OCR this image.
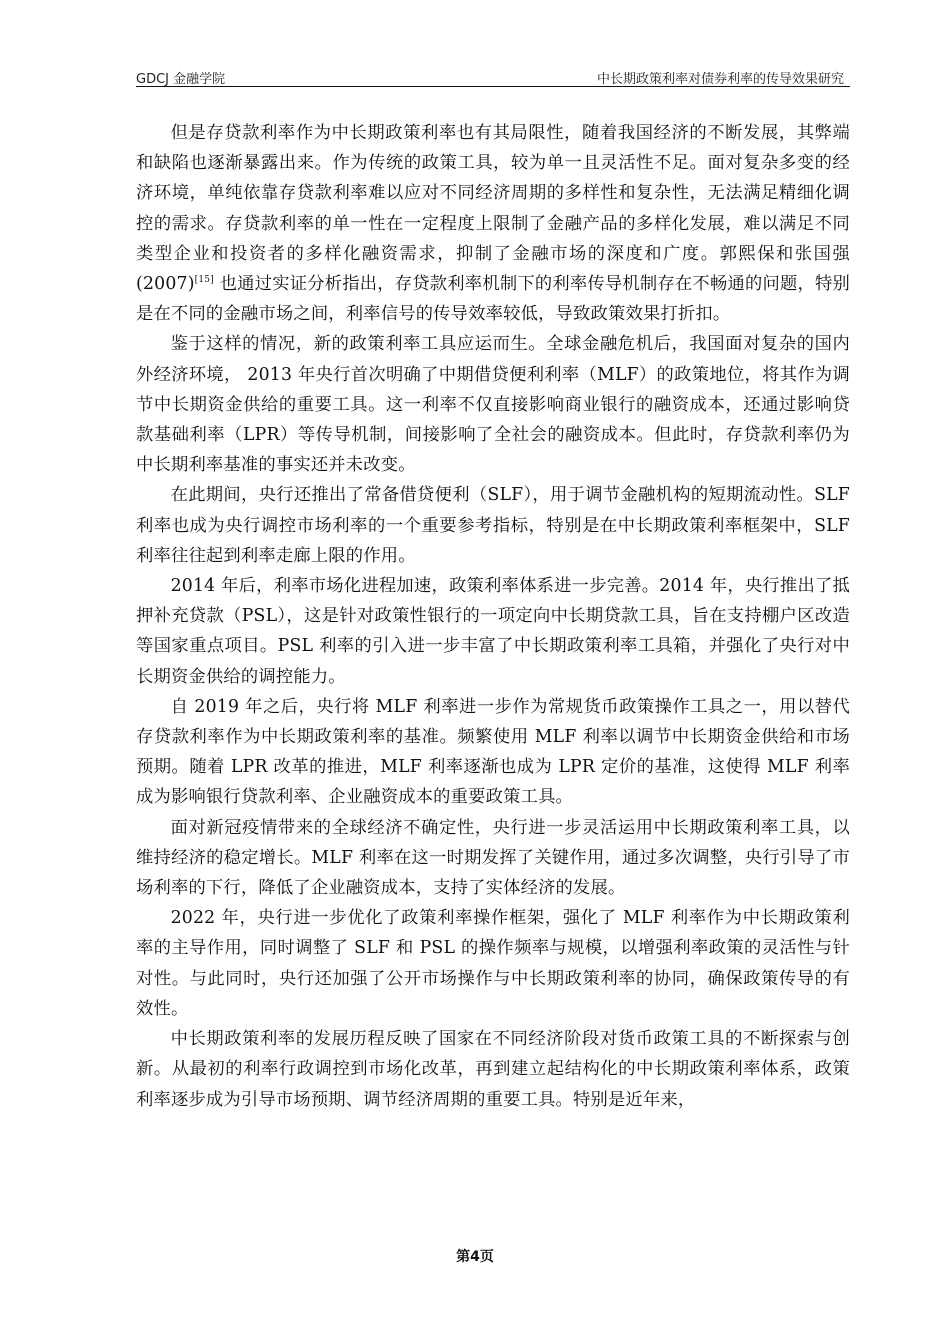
GDCJ 金融学院	中长期政策利率对债券利率的传导效果研究

但是存贷款利率作为中长期政策利率也有其局限性，随着我国经济的不断发展，其弊端和缺陷也逐渐暴露出来。作为传统的政策工具，较为单一且灵活性不足。面对复杂多变的经济环境，单纯依靠存贷款利率难以应对不同经济周期的多样性和复杂性，无法满足精细化调控的需求。存贷款利率的单一性在一定程度上限制了金融产品的多样化发展，难以满足不同类型企业和投资者的多样化融资需求，抑制了金融市场的深度和广度。郭熙保和张国强 (2007)[15] 也通过实证分析指出，存贷款利率机制下的利率传导机制存在不畅通的问题，特别是在不同的金融市场之间，利率信号的传导效率较低，导致政策效果打折扣。

鉴于这样的情况，新的政策利率工具应运而生。全球金融危机后，我国面对复杂的国内外经济环境， 2013 年央行首次明确了中期借贷便利利率（MLF）的政策地位，将其作为调节中长期资金供给的重要工具。这一利率不仅直接影响商业银行的融资成本，还通过影响贷款基础利率（LPR）等传导机制，间接影响了全社会的融资成本。但此时，存贷款利率仍为中长期利率基准的事实还并未改变。

在此期间，央行还推出了常备借贷便利（SLF），用于调节金融机构的短期流动性。SLF 利率也成为央行调控市场利率的一个重要参考指标，特别是在中长期政策利率框架中，SLF 利率往往起到利率走廊上限的作用。

2014 年后，利率市场化进程加速，政策利率体系进一步完善。2014 年，央行推出了抵押补充贷款（PSL），这是针对政策性银行的一项定向中长期贷款工具，旨在支持棚户区改造等国家重点项目。PSL 利率的引入进一步丰富了中长期政策利率工具箱，并强化了央行对中长期资金供给的调控能力。

自 2019 年之后，央行将 MLF 利率进一步作为常规货币政策操作工具之一，用以替代存贷款利率作为中长期政策利率的基准。频繁使用 MLF 利率以调节中长期资金供给和市场预期。随着 LPR 改革的推进，MLF 利率逐渐也成为 LPR 定价的基准，这使得 MLF 利率成为影响银行贷款利率、企业融资成本的重要政策工具。

面对新冠疫情带来的全球经济不确定性，央行进一步灵活运用中长期政策利率工具，以维持经济的稳定增长。MLF 利率在这一时期发挥了关键作用，通过多次调整，央行引导了市场利率的下行，降低了企业融资成本，支持了实体经济的发展。

2022 年，央行进一步优化了政策利率操作框架，强化了 MLF 利率作为中长期政策利率的主导作用，同时调整了 SLF 和 PSL 的操作频率与规模，以增强利率政策的灵活性与针对性。与此同时，央行还加强了公开市场操作与中长期政策利率的协同，确保政策传导的有效性。

中长期政策利率的发展历程反映了国家在不同经济阶段对货币政策工具的不断探索与创新。从最初的利率行政调控到市场化改革，再到建立起结构化的中长期政策利率体系，政策利率逐步成为引导市场预期、调节经济周期的重要工具。特别是近年来，

第4页
